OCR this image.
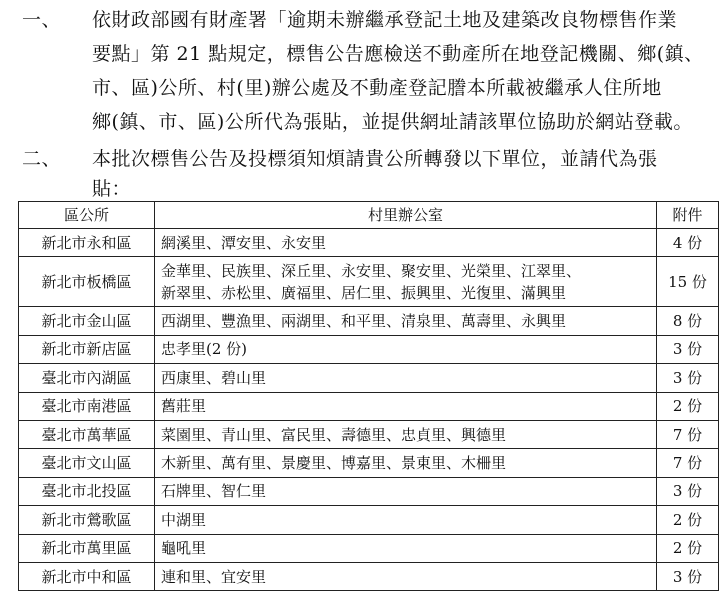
一、 依財政部國有財產署「逾期未辦繼承登記土地及建築改良物標售作業
要點」第 21 點規定，標售公告應檢送不動產所在地登記機關、鄉(鎮、
市、區)公所、村(里)辦公處及不動產登記謄本所載被繼承人住所地
鄉(鎮、市、區)公所代為張貼，並提供網址請該單位協助於網站登載。
二、 本批次標售公告及投標須知煩請貴公所轉發以下單位，並請代為張
貼：
區公所	村里辦公室	附件
新北市永和區	網溪里、潭安里、永安里	4 份
新北市板橋區	金華里、民族里、深丘里、永安里、聚安里、光榮里、江翠里、
新翠里、赤松里、廣福里、居仁里、振興里、光復里、滿興里	15 份
新北市金山區	西湖里、豐漁里、兩湖里、和平里、清泉里、萬壽里、永興里	8 份
新北市新店區	忠孝里(2 份)	3 份
臺北市內湖區	西康里、碧山里	3 份
臺北市南港區	舊莊里	2 份
臺北市萬華區	菜園里、青山里、富民里、壽德里、忠貞里、興德里	7 份
臺北市文山區	木新里、萬有里、景慶里、博嘉里、景東里、木柵里	7 份
臺北市北投區	石牌里、智仁里	3 份
新北市鶯歌區	中湖里	2 份
新北市萬里區	龜吼里	2 份
新北市中和區	連和里、宜安里	3 份
